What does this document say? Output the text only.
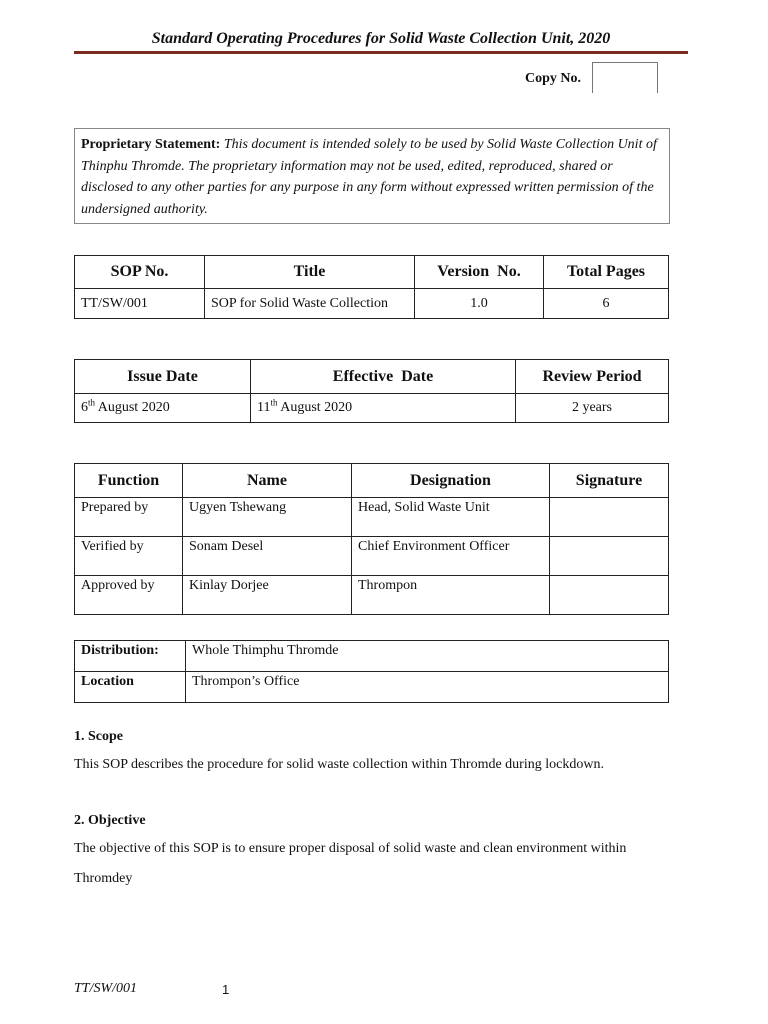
Standard Operating Procedures for Solid Waste Collection Unit, 2020
Copy No.
Proprietary Statement: This document is intended solely to be used by Solid Waste Collection Unit of Thinphu Thromde. The proprietary information may not be used, edited, reproduced, shared or disclosed to any other parties for any purpose in any form without expressed written permission of the undersigned authority.
SOP No.	Title	Version  No.	Total Pages
TT/SW/001	SOP for Solid Waste Collection	1.0	6
Issue Date	Effective  Date	Review Period
6th August 2020	11th August 2020	2 years
Function	Name	Designation	Signature
Prepared by	Ugyen Tshewang	Head, Solid Waste Unit	
Verified by	Sonam Desel	Chief Environment Officer	
Approved by	Kinlay Dorjee	Thrompon	
Distribution:	Whole Thimphu Thromde
Location	Thrompon’s Office
1. Scope
This SOP describes the procedure for solid waste collection within Thromde during lockdown.
2. Objective
The objective of this SOP is to ensure proper disposal of solid waste and clean environment within Thromdey
TT/SW/001	1
